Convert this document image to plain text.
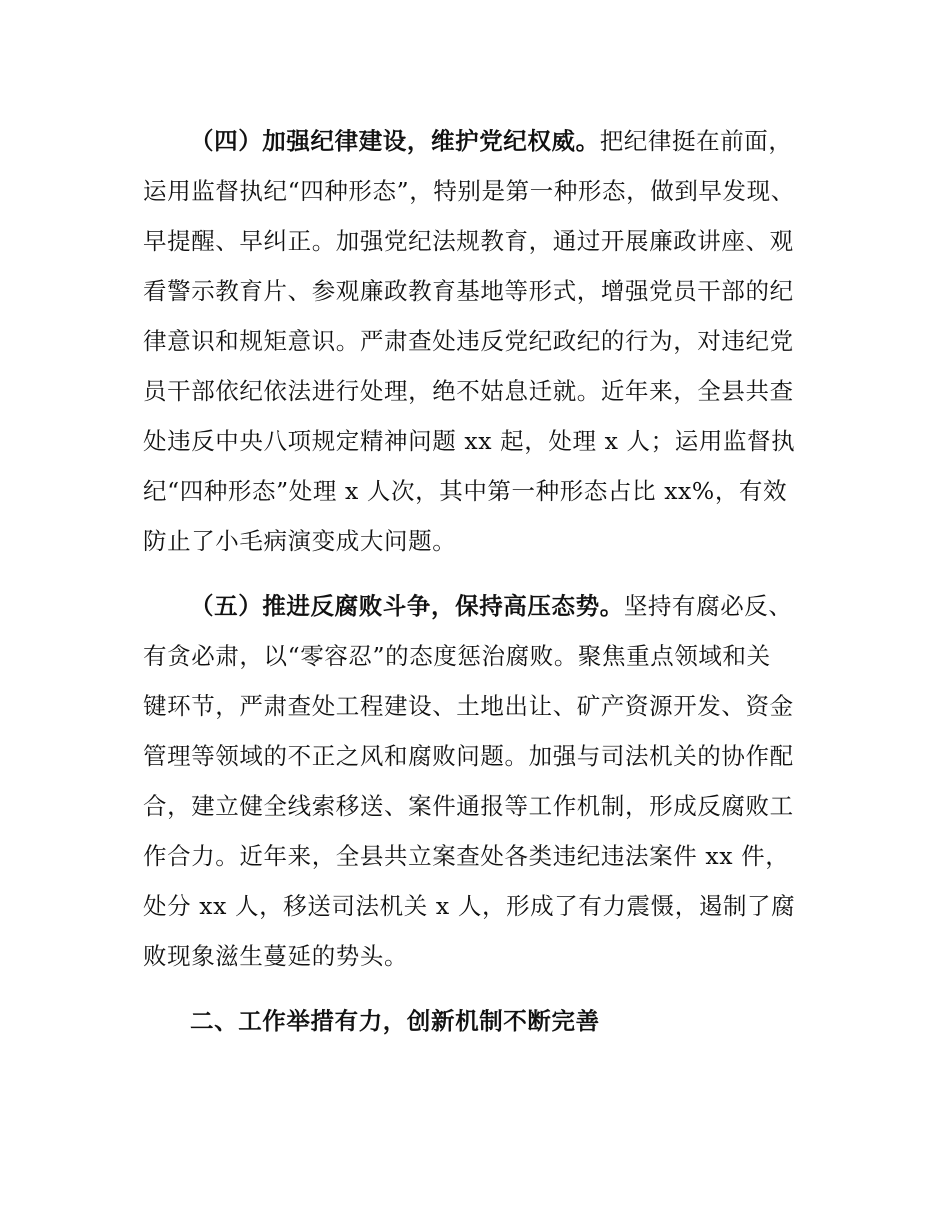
（四）加强纪律建设，维护党纪权威。把纪律挺在前面，
运用监督执纪“四种形态”，特别是第一种形态，做到早发现、
早提醒、早纠正。加强党纪法规教育，通过开展廉政讲座、观
看警示教育片、参观廉政教育基地等形式，增强党员干部的纪
律意识和规矩意识。严肃查处违反党纪政纪的行为，对违纪党
员干部依纪依法进行处理，绝不姑息迁就。近年来，全县共查
处违反中央八项规定精神问题 xx 起，处理 x 人；运用监督执
纪“四种形态”处理 x 人次，其中第一种形态占比 xx%，有效
防止了小毛病演变成大问题。
（五）推进反腐败斗争，保持高压态势。坚持有腐必反、
有贪必肃，以“零容忍”的态度惩治腐败。聚焦重点领域和关
键环节，严肃查处工程建设、土地出让、矿产资源开发、资金
管理等领域的不正之风和腐败问题。加强与司法机关的协作配
合，建立健全线索移送、案件通报等工作机制，形成反腐败工
作合力。近年来，全县共立案查处各类违纪违法案件 xx 件，
处分 xx 人，移送司法机关 x 人，形成了有力震慑，遏制了腐
败现象滋生蔓延的势头。
二、工作举措有力，创新机制不断完善
